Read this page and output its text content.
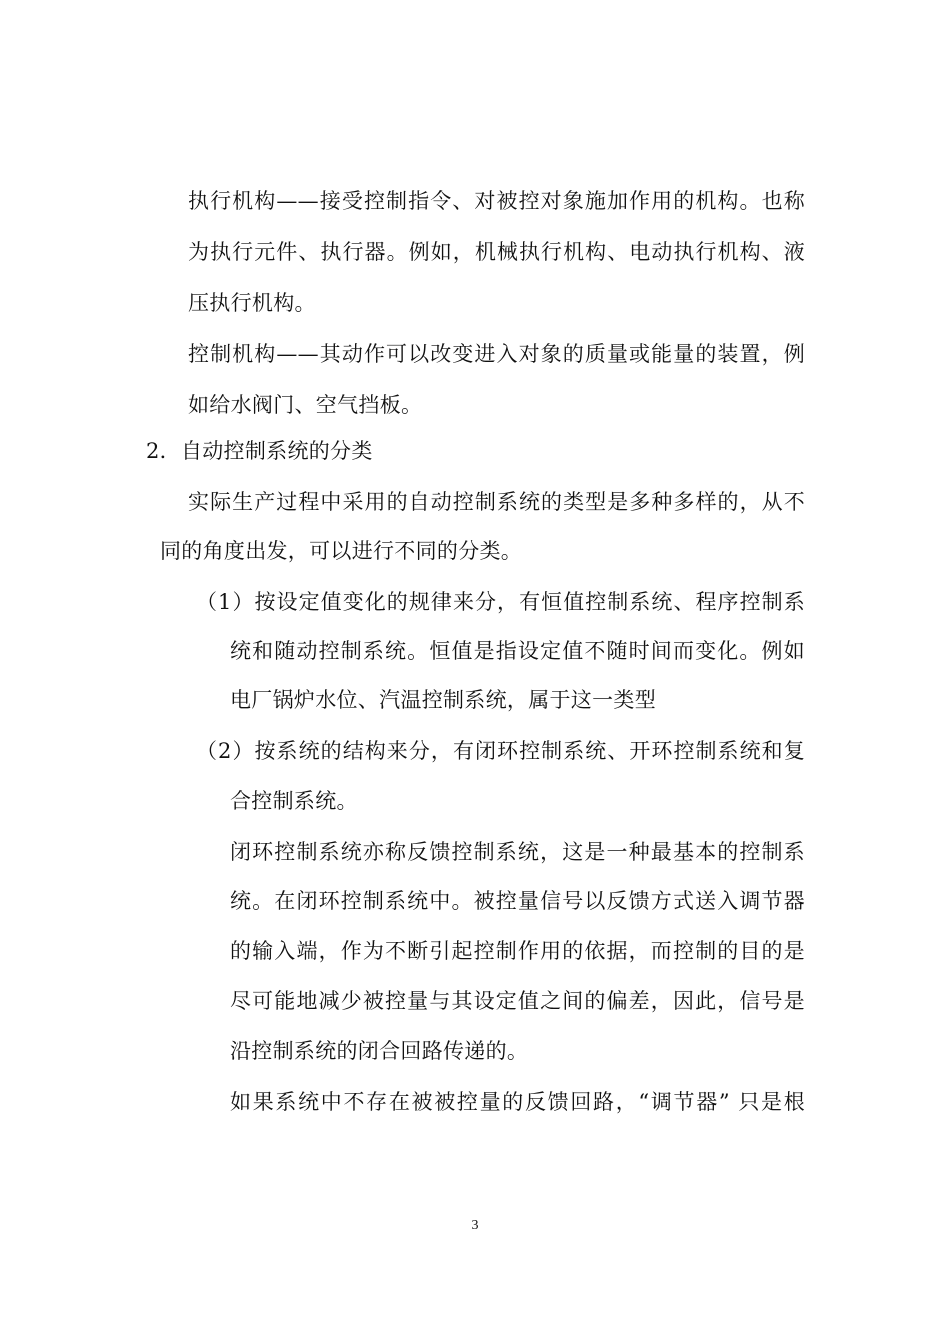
执行机构——接受控制指令、对被控对象施加作用的机构。也称

为执行元件、执行器。例如，机械执行机构、电动执行机构、液

压执行机构。

控制机构——其动作可以改变进入对象的质量或能量的装置，例

如给水阀门、空气挡板。

2．自动控制系统的分类

实际生产过程中采用的自动控制系统的类型是多种多样的，从不

同的角度出发，可以进行不同的分类。

（1）按设定值变化的规律来分，有恒值控制系统、程序控制系

统和随动控制系统。恒值是指设定值不随时间而变化。例如

电厂锅炉水位、汽温控制系统，属于这一类型

（2）按系统的结构来分，有闭环控制系统、开环控制系统和复

合控制系统。

闭环控制系统亦称反馈控制系统，这是一种最基本的控制系

统。在闭环控制系统中。被控量信号以反馈方式送入调节器

的输入端，作为不断引起控制作用的依据，而控制的目的是

尽可能地减少被控量与其设定值之间的偏差，因此，信号是

沿控制系统的闭合回路传递的。

如果系统中不存在被被控量的反馈回路，“调节器” 只是根

3
